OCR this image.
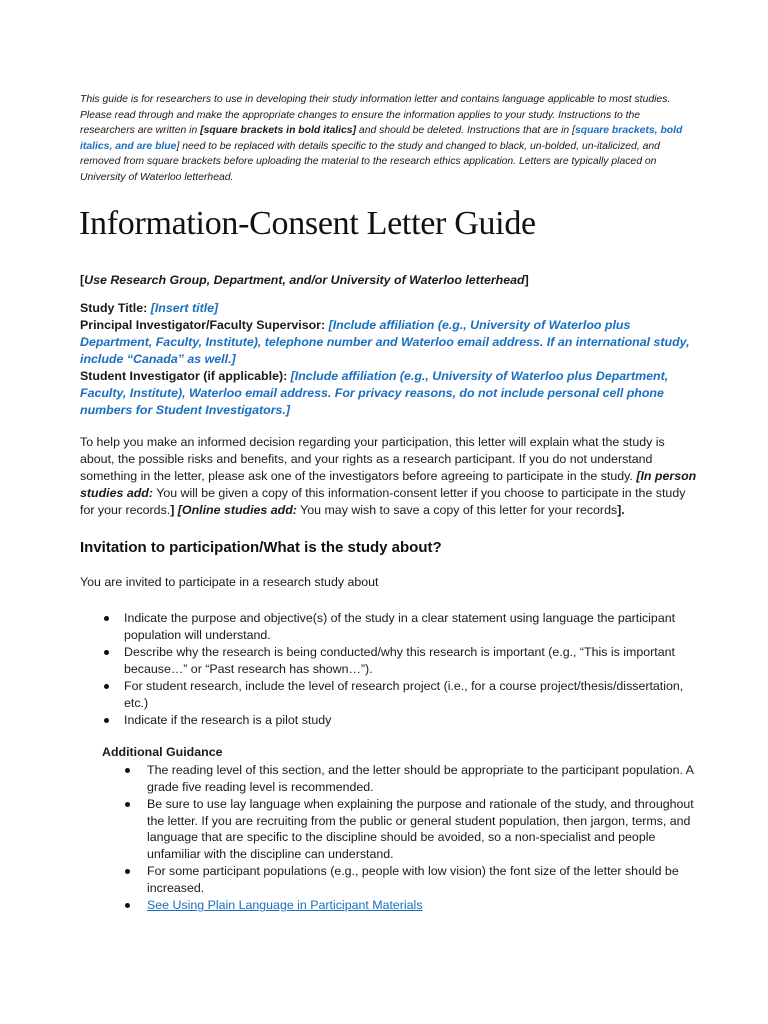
This guide is for researchers to use in developing their study information letter and contains language applicable to most studies. Please read through and make the appropriate changes to ensure the information applies to your study. Instructions to the researchers are written in [square brackets in bold italics] and should be deleted. Instructions that are in [square brackets, bold italics, and are blue] need to be replaced with details specific to the study and changed to black, un-bolded, un-italicized, and removed from square brackets before uploading the material to the research ethics application. Letters are typically placed on University of Waterloo letterhead.
Information-Consent Letter Guide
[Use Research Group, Department, and/or University of Waterloo letterhead]

Study Title: [Insert title]

Principal Investigator/Faculty Supervisor: [Include affiliation (e.g., University of Waterloo plus Department, Faculty, Institute), telephone number and Waterloo email address. If an international study, include “Canada” as well.]

Student Investigator (if applicable): [Include affiliation (e.g., University of Waterloo plus Department, Faculty, Institute), Waterloo email address. For privacy reasons, do not include personal cell phone numbers for Student Investigators.]

To help you make an informed decision regarding your participation, this letter will explain what the study is about, the possible risks and benefits, and your rights as a research participant. If you do not understand something in the letter, please ask one of the investigators before agreeing to participate in the study. [In person studies add: You will be given a copy of this information-consent letter if you choose to participate in the study for your records.] [Online studies add: You may wish to save a copy of this letter for your records].

Invitation to participation/What is the study about?

You are invited to participate in a research study about

Indicate the purpose and objective(s) of the study in a clear statement using language the participant population will understand.
Describe why the research is being conducted/why this research is important (e.g., “This is important because…” or “Past research has shown…”).
For student research, include the level of research project (i.e., for a course project/thesis/dissertation, etc.)
Indicate if the research is a pilot study

Additional Guidance

The reading level of this section, and the letter should be appropriate to the participant population. A grade five reading level is recommended.
Be sure to use lay language when explaining the purpose and rationale of the study, and throughout the letter. If you are recruiting from the public or general student population, then jargon, terms, and language that are specific to the discipline should be avoided, so a non-specialist and people unfamiliar with the discipline can understand.
For some participant populations (e.g., people with low vision) the font size of the letter should be increased.
See Using Plain Language in Participant Materials
